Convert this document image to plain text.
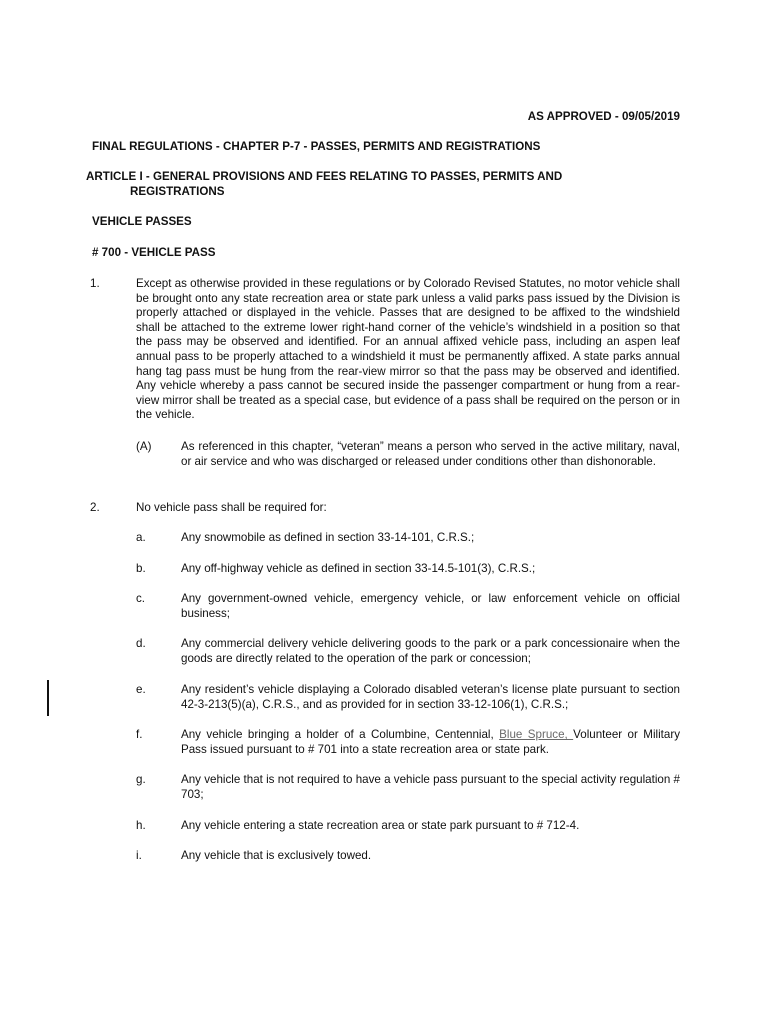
AS APPROVED - 09/05/2019
FINAL REGULATIONS - CHAPTER P-7 - PASSES, PERMITS AND REGISTRATIONS
ARTICLE I - GENERAL PROVISIONS AND FEES RELATING TO PASSES, PERMITS AND
REGISTRATIONS
VEHICLE PASSES
# 700 - VEHICLE PASS
1.	Except as otherwise provided in these regulations or by Colorado Revised Statutes, no motor vehicle shall be brought onto any state recreation area or state park unless a valid parks pass issued by the Division is properly attached or displayed in the vehicle. Passes that are designed to be affixed to the windshield shall be attached to the extreme lower right-hand corner of the vehicle’s windshield in a position so that the pass may be observed and identified. For an annual affixed vehicle pass, including an aspen leaf annual pass to be properly attached to a windshield it must be permanently affixed. A state parks annual hang tag pass must be hung from the rear-view mirror so that the pass may be observed and identified. Any vehicle whereby a pass cannot be secured inside the passenger compartment or hung from a rear-view mirror shall be treated as a special case, but evidence of a pass shall be required on the person or in the vehicle.
(A)	As referenced in this chapter, “veteran” means a person who served in the active military, naval, or air service and who was discharged or released under conditions other than dishonorable.
2.	No vehicle pass shall be required for:
a.	Any snowmobile as defined in section 33-14-101, C.R.S.;
b.	Any off-highway vehicle as defined in section 33-14.5-101(3), C.R.S.;
c.	Any government-owned vehicle, emergency vehicle, or law enforcement vehicle on official business;
d.	Any commercial delivery vehicle delivering goods to the park or a park concessionaire when the goods are directly related to the operation of the park or concession;
e.	Any resident’s vehicle displaying a Colorado disabled veteran’s license plate pursuant to section 42-3-213(5)(a), C.R.S., and as provided for in section 33-12-106(1), C.R.S.;
f.	Any vehicle bringing a holder of a Columbine, Centennial, Blue Spruce, Volunteer or Military Pass issued pursuant to # 701 into a state recreation area or state park.
g.	Any vehicle that is not required to have a vehicle pass pursuant to the special activity regulation # 703;
h.	Any vehicle entering a state recreation area or state park pursuant to # 712-4.
i.	Any vehicle that is exclusively towed.
